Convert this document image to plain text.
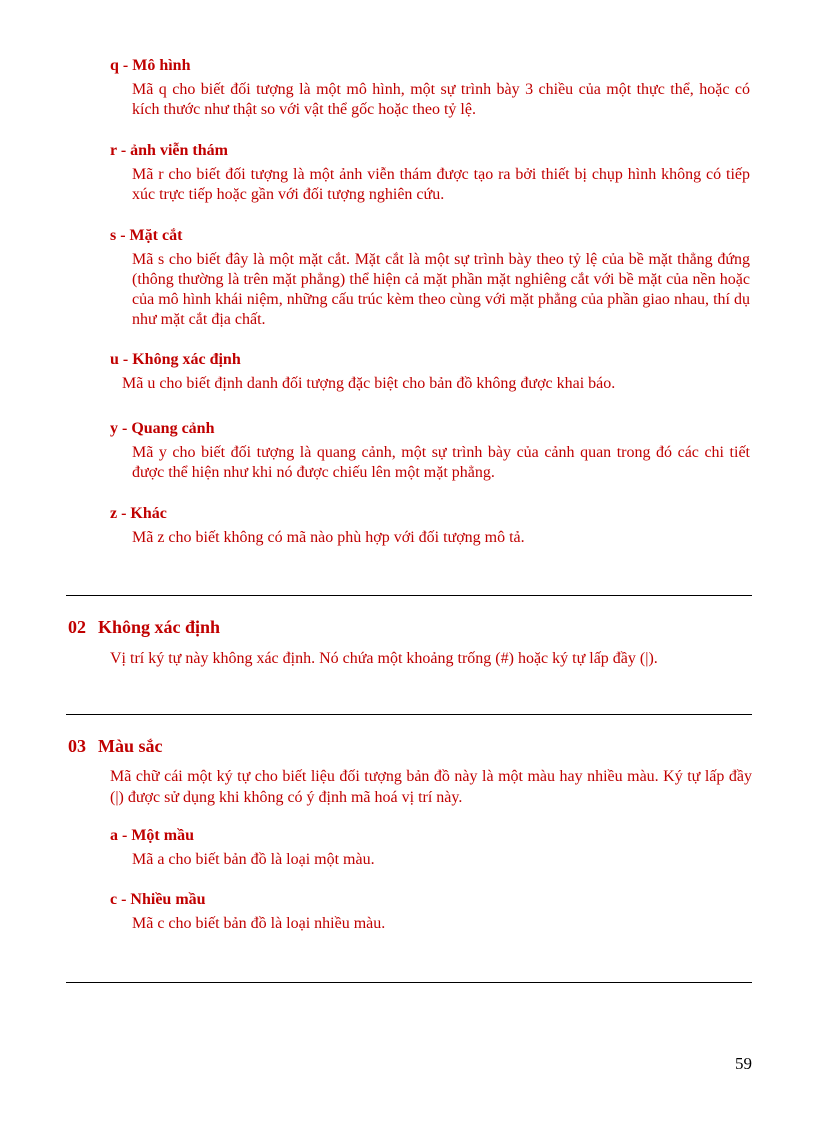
q - Mô hình

Mã q cho biết đối tượng là một mô hình, một sự trình bày 3 chiều của một thực thể, hoặc có kích thước như thật so với vật thể gốc hoặc theo tỷ lệ.

r - ảnh viễn thám

Mã r cho biết đối tượng là một ảnh viễn thám được tạo ra bởi thiết bị chụp hình không có tiếp xúc trực tiếp hoặc gần với đối tượng nghiên cứu.

s - Mặt cắt

Mã s cho biết đây là một mặt cắt. Mặt cắt là một sự trình bày theo tỷ lệ của bề mặt thẳng đứng (thông thường là trên mặt phẳng) thể hiện cả mặt phần mặt nghiêng cắt với bề mặt của nền hoặc của mô hình khái niệm, những cấu trúc kèm theo cùng với mặt phẳng của phần giao nhau, thí dụ như mặt cắt địa chất.

u - Không xác định

Mã u cho biết định danh đối tượng đặc biệt cho bản đồ không được khai báo.

y - Quang cảnh

Mã y cho biết đối tượng là quang cảnh, một sự trình bày của cảnh quan trong đó các chi tiết được thể hiện như khi nó được chiếu lên một mặt phẳng.

z - Khác

Mã z cho biết không có mã nào phù hợp với đối tượng mô tả.

02 Không xác định

Vị trí ký tự này không xác định. Nó chứa một khoảng trống (#) hoặc ký tự lấp đầy (|).

03 Màu sắc

Mã chữ cái một ký tự cho biết liệu đối tượng bản đồ này là một màu hay nhiều màu. Ký tự lấp đầy (|) được sử dụng khi không có ý định mã hoá vị trí này.

a - Một mầu

Mã a cho biết bản đồ là loại một màu.

c - Nhiều mầu

Mã c cho biết bản đồ là loại nhiều màu.

59
